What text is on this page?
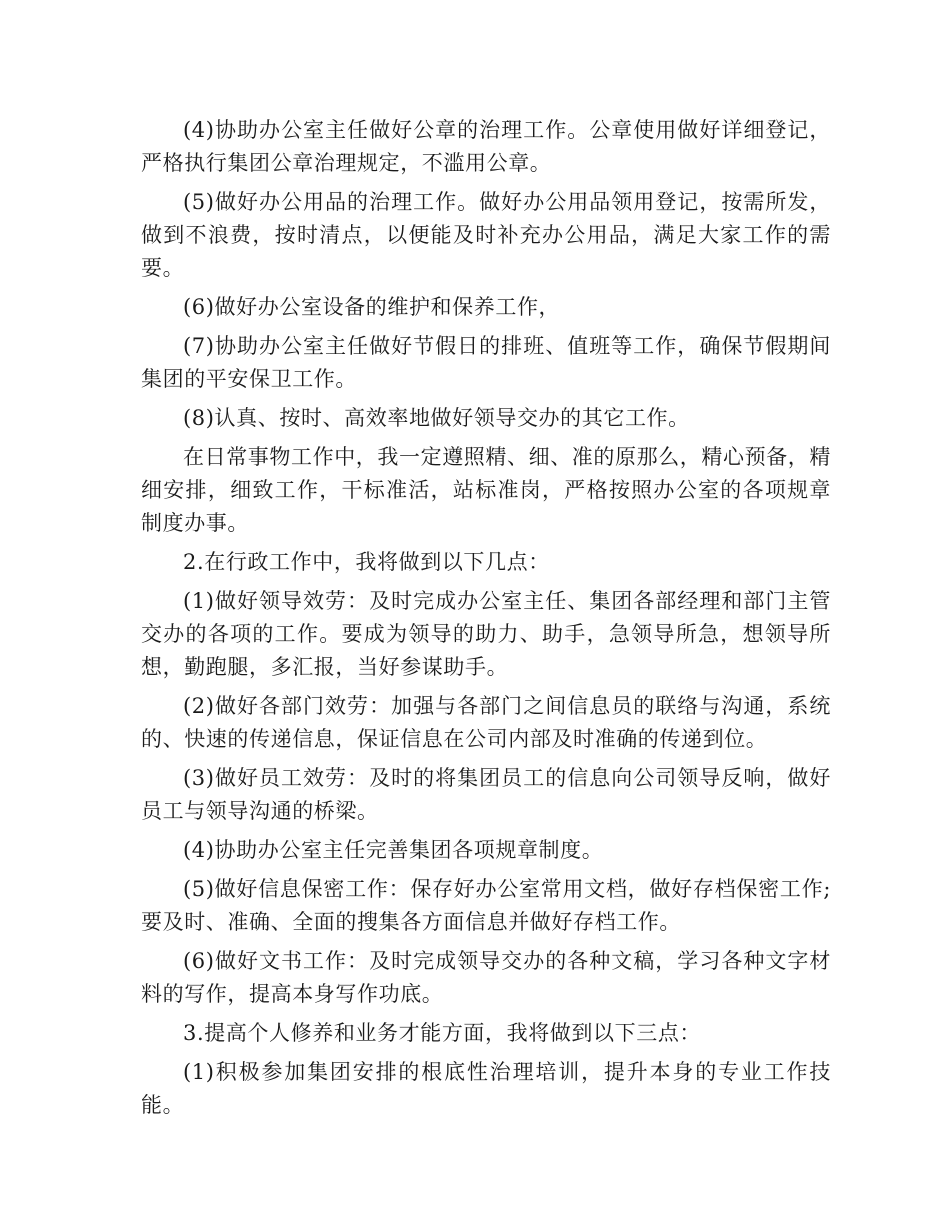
(4)协助办公室主任做好公章的治理工作。公章使用做好详细登记，严格执行集团公章治理规定，不滥用公章。

(5)做好办公用品的治理工作。做好办公用品领用登记，按需所发，做到不浪费，按时清点，以便能及时补充办公用品，满足大家工作的需要。

(6)做好办公室设备的维护和保养工作，

(7)协助办公室主任做好节假日的排班、值班等工作，确保节假期间集团的平安保卫工作。

(8)认真、按时、高效率地做好领导交办的其它工作。

在日常事物工作中，我一定遵照精、细、准的原那么，精心预备，精细安排，细致工作，干标准活，站标准岗，严格按照办公室的各项规章制度办事。

2.在行政工作中，我将做到以下几点：

(1)做好领导效劳：及时完成办公室主任、集团各部经理和部门主管交办的各项的工作。要成为领导的助力、助手，急领导所急，想领导所想，勤跑腿，多汇报，当好参谋助手。

(2)做好各部门效劳：加强与各部门之间信息员的联络与沟通，系统的、快速的传递信息，保证信息在公司内部及时准确的传递到位。

(3)做好员工效劳：及时的将集团员工的信息向公司领导反响，做好员工与领导沟通的桥梁。

(4)协助办公室主任完善集团各项规章制度。

(5)做好信息保密工作：保存好办公室常用文档，做好存档保密工作;要及时、准确、全面的搜集各方面信息并做好存档工作。

(6)做好文书工作：及时完成领导交办的各种文稿，学习各种文字材料的写作，提高本身写作功底。

3.提高个人修养和业务才能方面，我将做到以下三点：

(1)积极参加集团安排的根底性治理培训，提升本身的专业工作技能。
